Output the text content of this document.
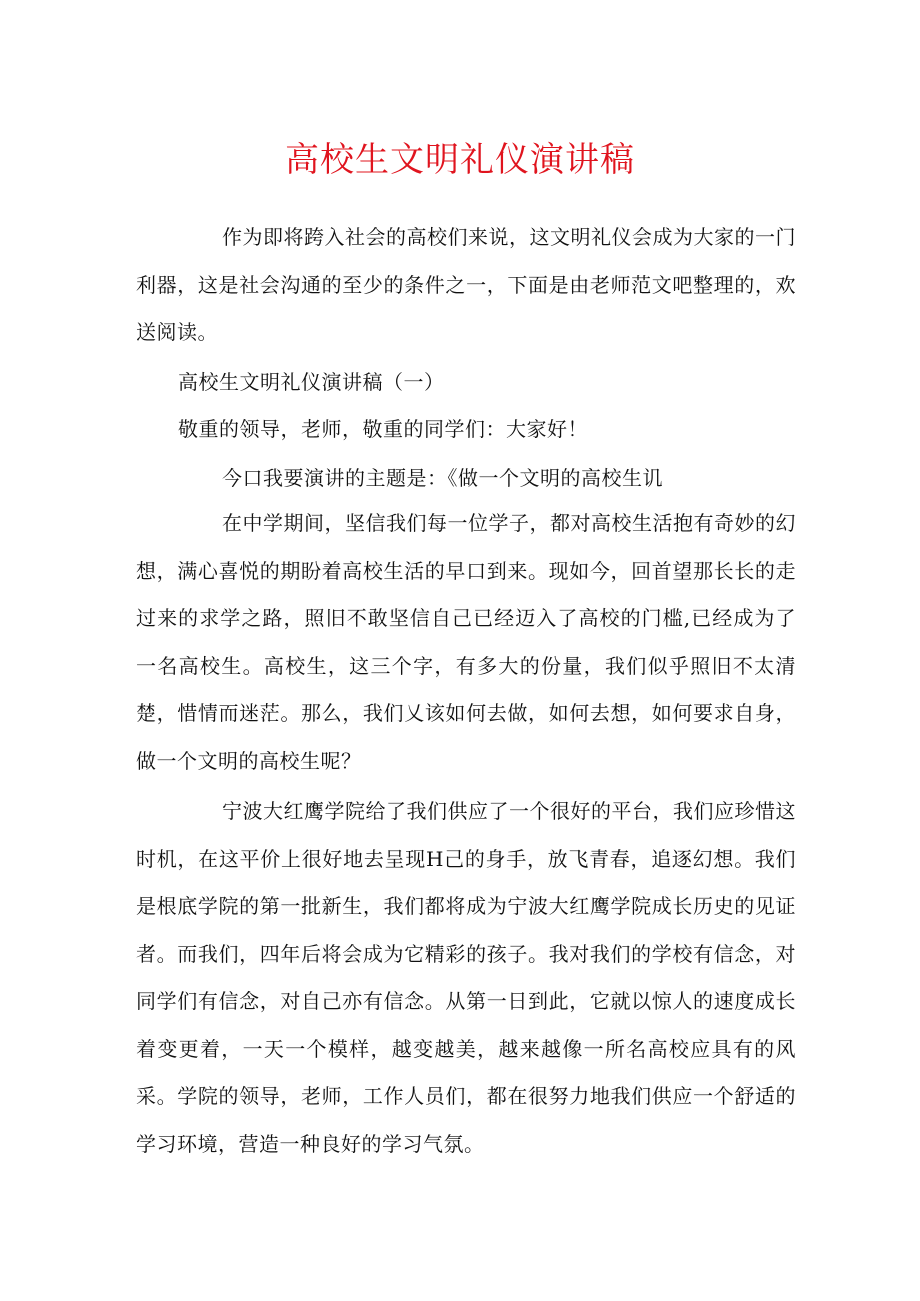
高校生文明礼仪演讲稿

作为即将跨入社会的高校们来说，这文明礼仪会成为大家的一门利器，这是社会沟通的至少的条件之一，下面是由老师范文吧整理的，欢送阅读。

高校生文明礼仪演讲稿（一）

敬重的领导，老师，敬重的同学们：大家好！

今口我要演讲的主题是：《做一个文明的高校生讥

在中学期间，坚信我们每一位学子，都对高校生活抱有奇妙的幻想，满心喜悦的期盼着高校生活的早口到来。现如今，回首望那长长的走过来的求学之路，照旧不敢坚信自己已经迈入了高校的门槛,已经成为了一名高校生。高校生，这三个字，有多大的份量，我们似乎照旧不太清楚，惜情而迷茫。那么，我们乂该如何去做，如何去想，如何要求自身，做一个文明的高校生呢？

宁波大红鹰学院给了我们供应了一个很好的平台，我们应珍惜这时机，在这平价上很好地去呈现H己的身手，放飞青春，追逐幻想。我们是根底学院的第一批新生，我们都将成为宁波大红鹰学院成长历史的见证者。而我们，四年后将会成为它精彩的孩子。我对我们的学校有信念，对同学们有信念，对自己亦有信念。从第一日到此，它就以惊人的速度成长着变更着，一天一个模样，越变越美，越来越像一所名高校应具有的风采。学院的领导，老师，工作人员们，都在很努力地我们供应一个舒适的学习环境，营造一种良好的学习气氛。
